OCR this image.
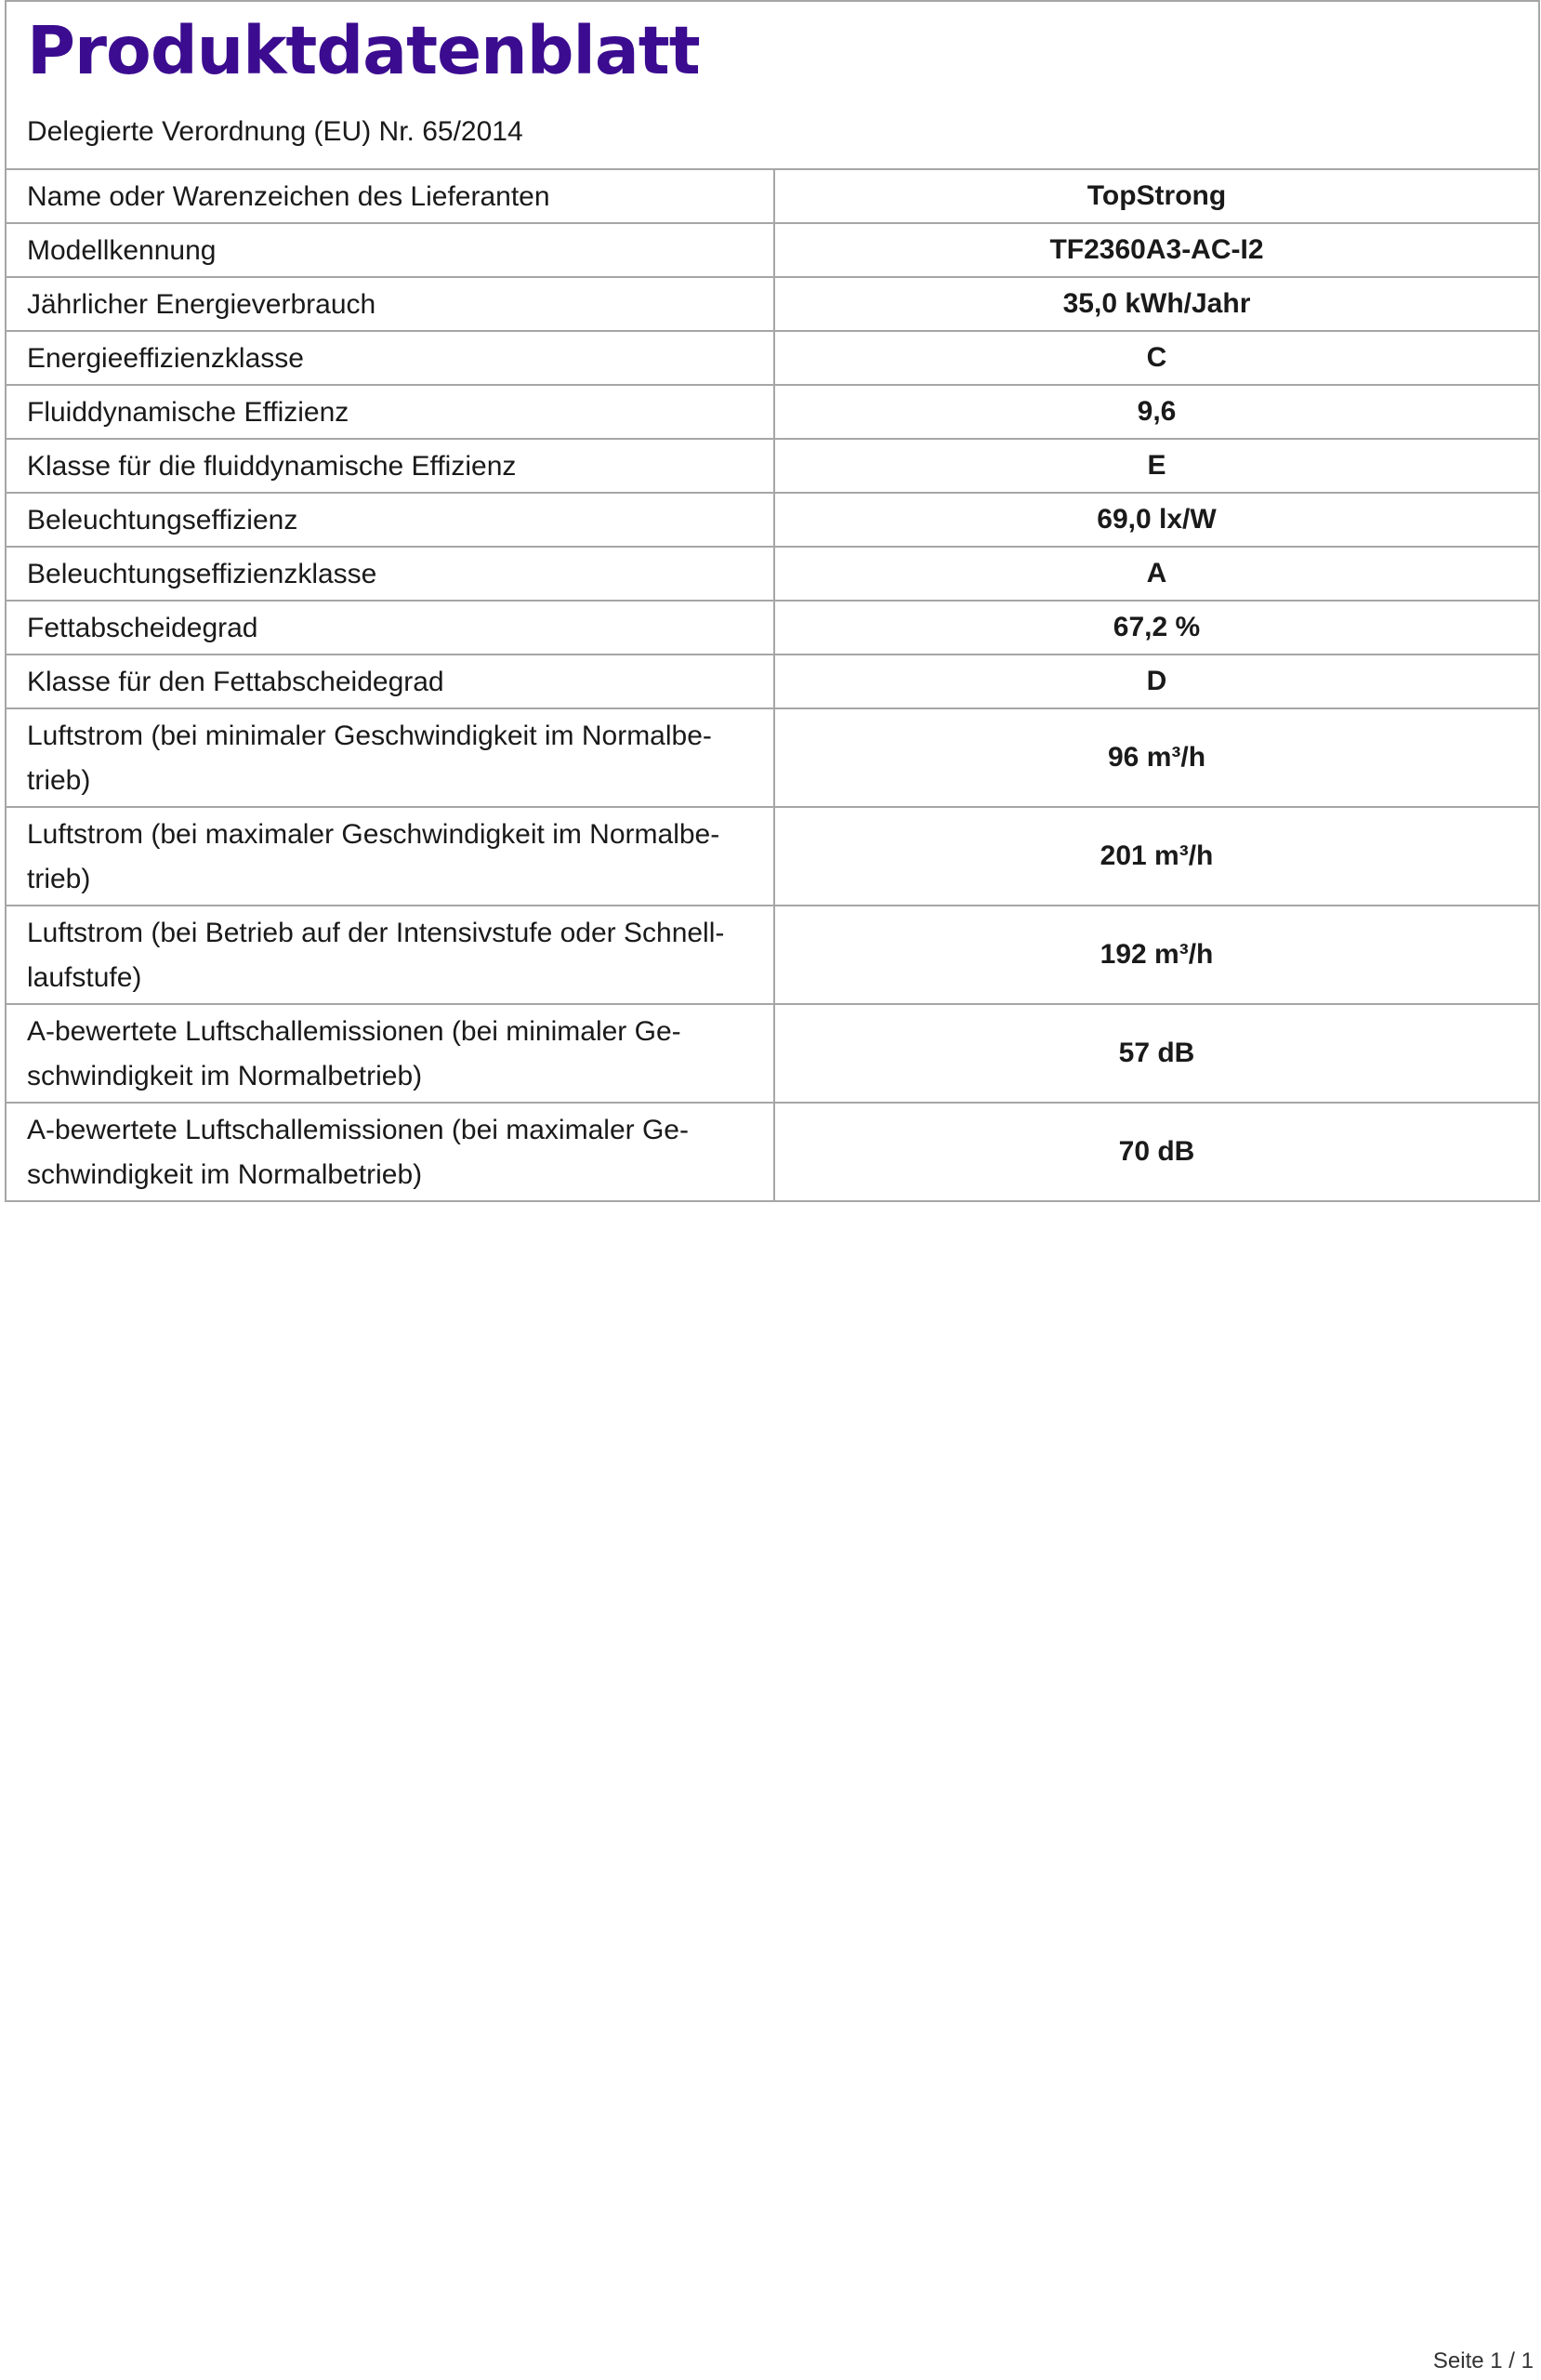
Produktdatenblatt
Delegierte Verordnung (EU) Nr. 65/2014
Name oder Warenzeichen des Lieferanten	TopStrong
Modellkennung	TF2360A3-AC-I2
Jährlicher Energieverbrauch	35,0 kWh/Jahr
Energieeffizienzklasse	C
Fluiddynamische Effizienz	9,6
Klasse für die fluiddynamische Effizienz	E
Beleuchtungseffizienz	69,0 lx/W
Beleuchtungseffizienzklasse	A
Fettabscheidegrad	67,2 %
Klasse für den Fettabscheidegrad	D
Luftstrom (bei minimaler Geschwindigkeit im Normalbe-trieb)	96 m³/h
Luftstrom (bei maximaler Geschwindigkeit im Normalbe-trieb)	201 m³/h
Luftstrom (bei Betrieb auf der Intensivstufe oder Schnell-laufstufe)	192 m³/h
A-bewertete Luftschallemissionen (bei minimaler Ge-schwindigkeit im Normalbetrieb)	57 dB
A-bewertete Luftschallemissionen (bei maximaler Ge-schwindigkeit im Normalbetrieb)	70 dB
Seite 1 / 1
